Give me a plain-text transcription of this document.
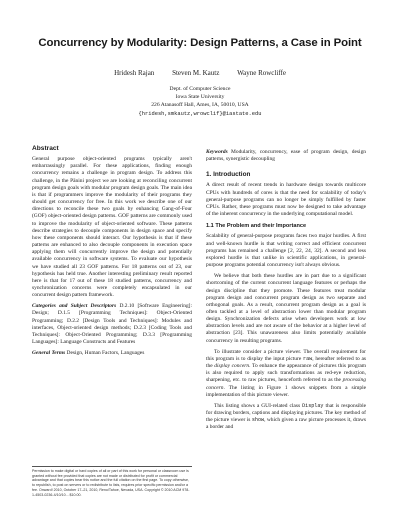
Concurrency by Modularity: Design Patterns, a Case in Point
Hridesh Rajan	Steven M. Kautz	Wayne Rowcliffe
Dept. of Computer Science
Iowa State University
226 Atanasoff Hall, Ames, IA, 50010, USA
{hridesh,smkautz,wrowclif}@iastate.edu
Abstract

General purpose object-oriented programs typically aren't embarrassingly parallel. For these applications, finding enough concurrency remains a challenge in program design. To address this challenge, in the Pānini project we are looking at reconciling concurrent program design goals with modular program design goals. The main idea is that if programmers improve the modularity of their programs they should get concurrency for free. In this work we describe one of our directions to reconcile these two goals by enhancing Gang-of-Four (GOF) object-oriented design patterns. GOF patterns are commonly used to improve the modularity of object-oriented software. These patterns describe strategies to decouple components in design space and specify how these components should interact. Our hypothesis is that if these patterns are enhanced to also decouple components in execution space applying them will concurrently improve the design and potentially available concurrency in software systems. To evaluate our hypothesis we have studied all 23 GOF patterns. For 18 patterns out of 23, our hypothesis has held true. Another interesting preliminary result reported here is that for 17 out of these 18 studied patterns, concurrency and synchronization concerns were completely encapsulated in our concurrent design pattern framework.

Categories and Subject Descriptors D.2.10 [Software Engineering]: Design; D.1.5 [Programming Techniques]: Object-Oriented Programming; D.2.2 [Design Tools and Techniques]: Modules and interfaces, Object-oriented design methods; D.2.3 [Coding Tools and Techniques]: Object-Oriented Programming; D.3.3 [Programming Languages]: Language Constructs and Features

General Terms Design, Human Factors, Languages

Permission to make digital or hard copies of all or part of this work for personal or classroom use is granted without fee provided that copies are not made or distributed for profit or commercial advantage and that copies bear this notice and the full citation on the first page. To copy otherwise, to republish, to post on servers or to redistribute to lists, requires prior specific permission and/or a fee. Onward! 2010, October 17–21, 2010, Reno/Tahoe, Nevada, USA. Copyright © 2010 ACM 978-1-4503-0236-4/10/10... $10.00.

Keywords Modularity, concurrency, ease of program design, design patterns, synergistic decoupling

1. Introduction

A direct result of recent trends in hardware design towards multicore CPUs with hundreds of cores is that the need for scalability of today's general-purpose programs can no longer be simply fulfilled by faster CPUs. Rather, these programs must now be designed to take advantage of the inherent concurrency in the underlying computational model.

1.1 The Problem and their Importance

Scalability of general-purpose programs faces two major hurdles. A first and well-known hurdle is that writing correct and efficient concurrent programs has remained a challenge [2, 22, 24, 32]. A second and less explored hurdle is that unlike in scientific applications, in general-purpose programs potential concurrency isn't always obvious.

We believe that both these hurdles are in part due to a significant shortcoming of the current concurrent language features or perhaps the design discipline that they promote. These features treat modular program design and concurrent program design as two separate and orthogonal goals. As a result, concurrent program design as a goal is often tackled at a level of abstraction lower than modular program design. Synchronization defects arise when developers work at low abstraction levels and are not aware of the behavior at a higher level of abstraction [23]. This unawareness also limits potentially available concurrency in resulting programs.

To illustrate consider a picture viewer. The overall requirement for this program is to display the input picture raw, hereafter referred to as the display concern. To enhance the appearance of pictures this program is also required to apply such transformations as red-eye reduction, sharpening, etc. to raw pictures, henceforth referred to as the processing concern. The listing in Figure 1 shows snippets from a simple implementation of this picture viewer.

This listing shows a GUI-related class Display that is responsible for drawing borders, captions and displaying pictures. The key method of the picture viewer is show, which given a raw picture processes it, draws a border and
